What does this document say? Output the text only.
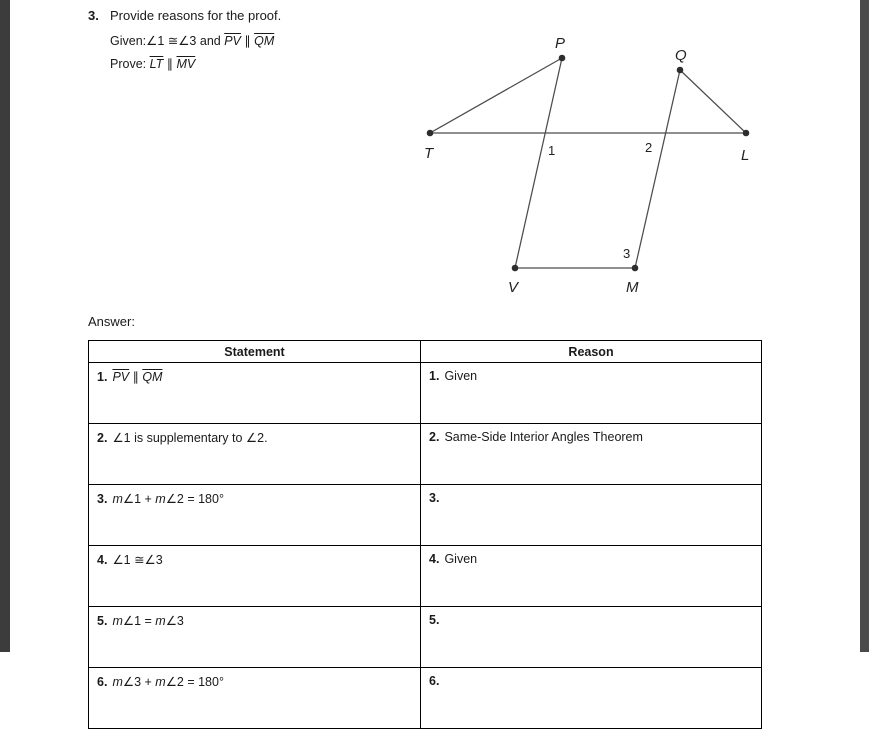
3. Provide reasons for the proof.
Given:∠1 ≅∠3 and $\overline{PV}$ ∥ $\overline{QM}$
Prove: $\overline{LT}$ ∥ $\overline{MV}$
P
Q
T	L
V	M
1	2
3
Answer:
Statement	Reason
1. $\overline{PV}$ ∥ $\overline{QM}$	1. Given
2. ∠1 is supplementary to ∠2.	2. Same-Side Interior Angles Theorem
3. m∠1 + m∠2 = 180°	3.
4. ∠1 ≅∠3	4. Given
5. m∠1 = m∠3	5.
6. m∠3 + m∠2 = 180°	6.
